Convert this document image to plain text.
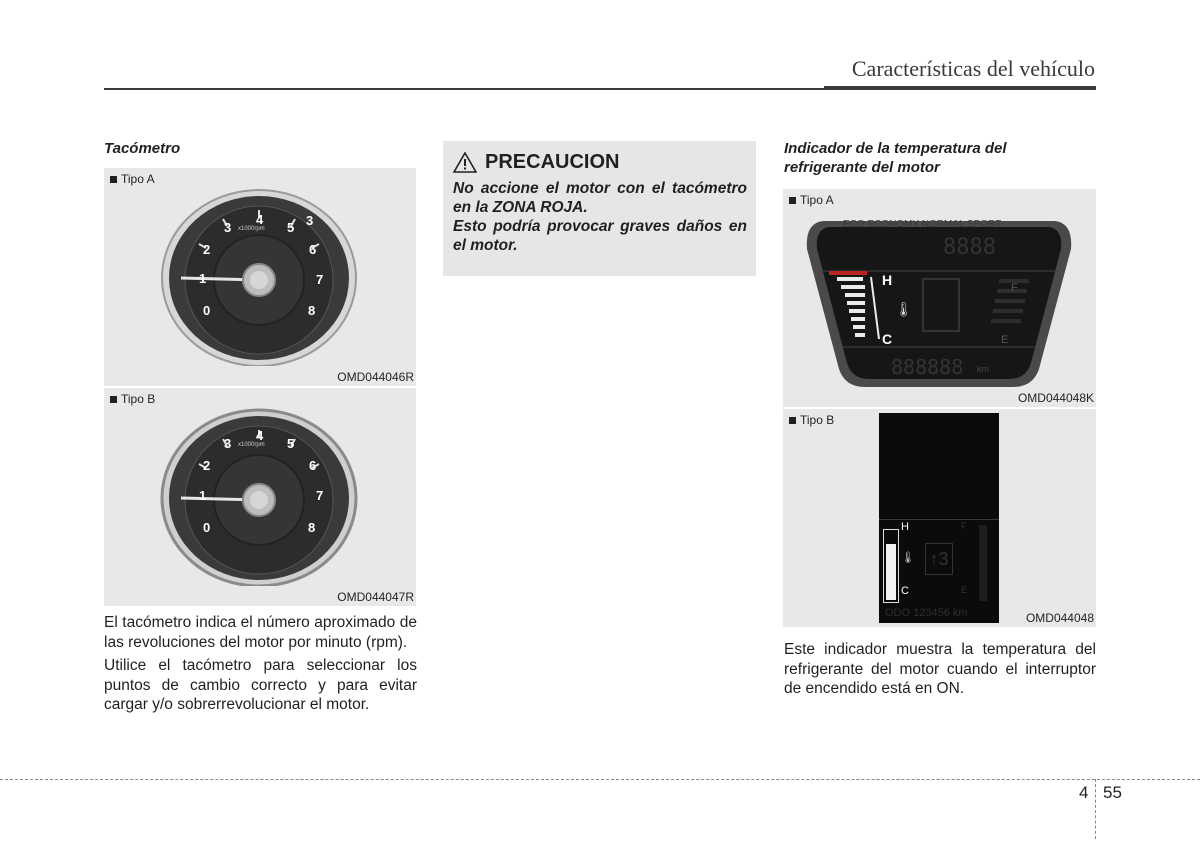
Características del vehículo
Tacómetro
Tipo A
3
4
3	5
2	6
1	7
0	8
x1000rpm
OMD044046R
Tipo B
4
3	5
2	6
1	7
0	8
x1000rpm
OMD044047R

El tacómetro indica el número aproximado de las revoluciones del motor por minuto (rpm).

Utilice el tacómetro para seleccionar los puntos de cambio correcto y para evitar cargar y/o sobrerrevolucionar el motor.

PRECAUCION

No accione el motor con el tacómetro en la ZONA ROJA.

Esto podría provocar graves daños en el motor.

Indicador de la temperatura del
refrigerante del motor
Tipo A
ECO ECONOMY NORMAL SPORT
8888
H
C
🌡
F
E
888888 km
OMD044048K
Tipo B
H
C
🌡 ↑3
F
E
ODO 123456 km	OMD044048

Este indicador muestra la temperatura del refrigerante del motor cuando el interruptor de encendido está en ON.

4 55
